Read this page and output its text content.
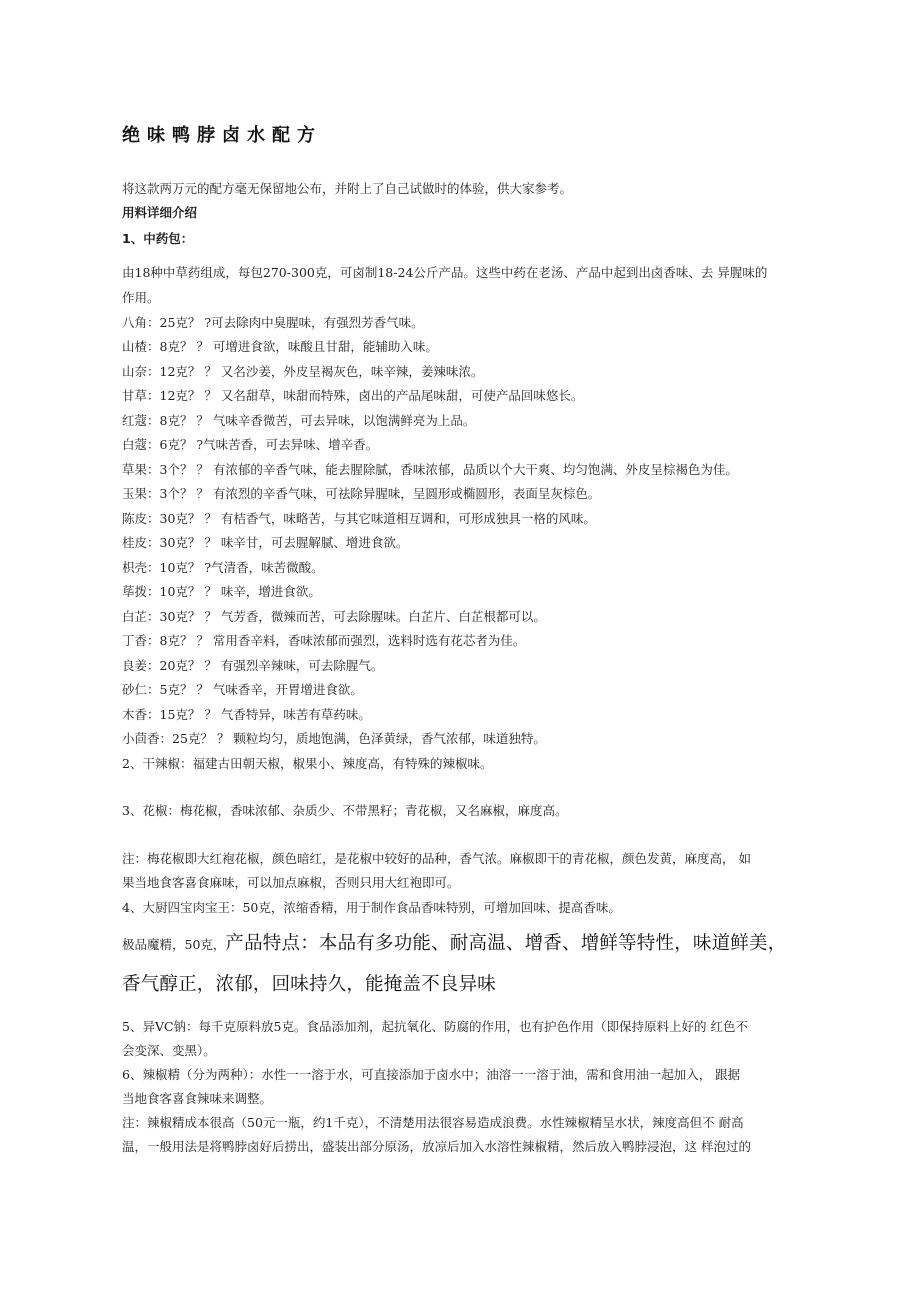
绝味鸭脖卤水配方
将这款两万元的配方毫无保留地公布，并附上了自己试做时的体验，供大家参考。
用料详细介绍
1、中药包：
由18种中草药组成，每包270-300克，可卤制18-24公斤产品。这些中药在老汤、产品中起到出卤香味、去 异腥味的
作用。
八角：25克？ ?可去除肉中臭腥味，有强烈芳香气味。
山楂：8克？ ？ 可增进食欲，味酸且甘甜，能辅助入味。
山奈：12克？ ？ 又名沙姜，外皮呈褐灰色，味辛辣，姜辣味浓。
甘草：12克？ ？ 又名甜草，味甜而特殊，卤出的产品尾味甜，可使产品回味悠长。
红蔻：8克？ ？ 气味辛香微苦，可去异味，以饱满鲜亮为上品。
白蔻：6克？ ?气味苦香，可去异味、增辛香。
草果：3个？ ？ 有浓郁的辛香气味，能去腥除腻，香味浓郁，品质以个大干爽、均匀饱满、外皮呈棕褐色为佳。
玉果：3个？ ？ 有浓烈的辛香气味，可祛除异腥味，呈圆形或椭圆形，表面呈灰棕色。
陈皮：30克？ ？ 有桔香气，味略苦，与其它味道相互调和，可形成独具一格的风味。
桂皮：30克？ ？ 味辛甘，可去腥解腻、增进食欲。
枳壳：10克？ ?气清香，味苦微酸。
荜拨：10克？ ？ 味辛，增进食欲。
白芷：30克？ ？ 气芳香，微辣而苦，可去除腥味。白芷片、白芷根都可以。
丁香：8克？ ？ 常用香辛料，香味浓郁而强烈，选料时选有花芯者为佳。
良姜：20克？ ？ 有强烈辛辣味，可去除腥气。
砂仁：5克？ ？ 气味香辛，开胃增进食欲。
木香：15克？ ？ 气香特异，味苦有草药味。
小茴香：25克？ ？ 颗粒均匀，质地饱满，色泽黄绿，香气浓郁，味道独特。
2、干辣椒：福建古田朝天椒，椒果小、辣度高，有特殊的辣椒味。
3、花椒：梅花椒，香味浓郁、杂质少、不带黑籽；青花椒，又名麻椒，麻度高。
注：梅花椒即大红袍花椒，颜色暗红，是花椒中较好的品种，香气浓。麻椒即干的青花椒，颜色发黄，麻度高， 如
果当地食客喜食麻味，可以加点麻椒，否则只用大红袍即可。
4、大厨四宝肉宝王：50克，浓缩香精，用于制作食品香味特别，可增加回味、提高香味。
极品魔精，50克，产品特点：本品有多功能、耐高温、增香、增鲜等特性，味道鲜美，
香气醇正，浓郁，回味持久，能掩盖不良异味
5、异VC钠：每千克原料放5克。食品添加剂，起抗氧化、防腐的作用，也有护色作用（即保持原料上好的 红色不
会变深、变黑）。
6、辣椒精（分为两种）：水性一一溶于水，可直接添加于卤水中；油溶一一溶于油，需和食用油一起加入， 跟据
当地食客喜食辣味来调整。
注：辣椒精成本很高（50元一瓶，约1千克），不清楚用法很容易造成浪费。水性辣椒精呈水状，辣度高但不 耐高
温，一般用法是将鸭脖卤好后捞出，盛装出部分原汤，放凉后加入水溶性辣椒精，然后放入鸭脖浸泡，这 样泡过的
